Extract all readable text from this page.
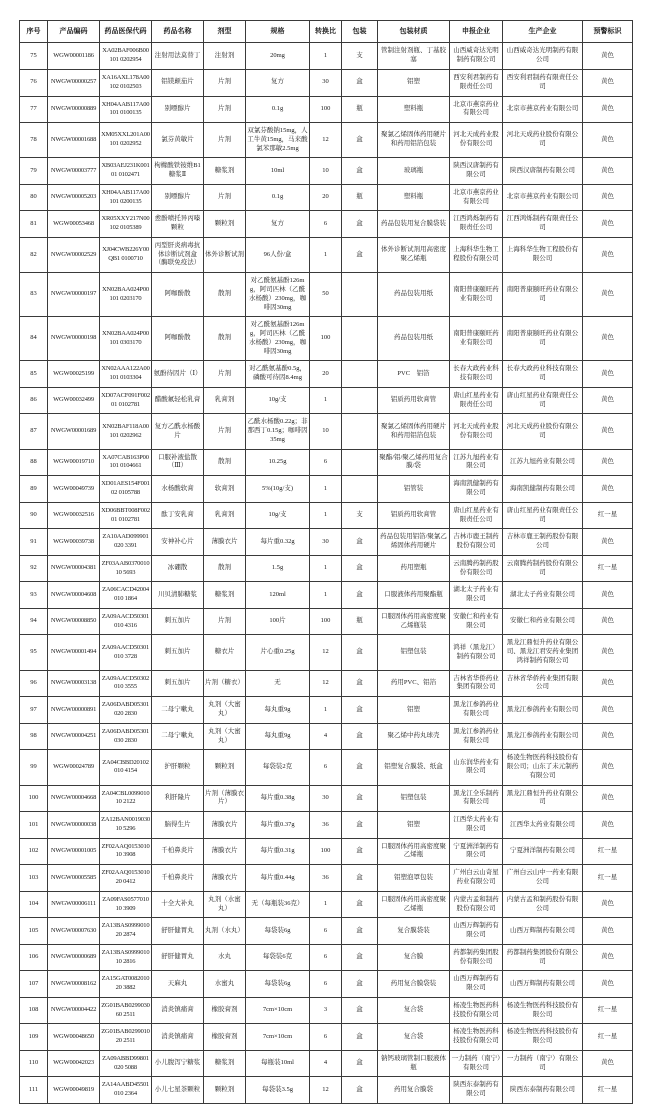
序号	产品编码	药品医保代码	药品名称	剂型	规格	转换比	包装	包装材质	申报企业	生产企业	预警标识
75	WGW00001186	XA02BAF006B00101 0202954	注射用法莫替丁	注射剂	20mg	1	支	管制注射剂瓶、丁基胶塞	山西威奇达光明制药有限公司	山西威奇达光明制药有限公司	黄色
76	NWGW00000257	XA16AXL178A00102 0102503	铝镁颠茄片	片剂	复方	30	盒	铝塑	西安利君制药有限责任公司	西安利君制药有限责任公司	黄色
77	NWGW00000889	XH04AAB117A00101 0100135	别嘌醇片	片剂	0.1g	100	瓶	塑料瓶	北京市燕京药业有限公司	北京市燕京药业有限公司	黄色
78	NWGW00001688	XM05XXL201A00101 0202952	氯芬黄敏片	片剂	双氯芬酸钠15mg，人工牛黄15mg，马来酸氯苯那敏2.5mg	12	盒	聚氯乙烯固体药用硬片和药用铝箔包装	河北天成药业股份有限公司	河北天成药业股份有限公司	黄色
79	NWGW00003777	XB03AEJ231K00101 0102471	枸橼酸铁铵维B1糖浆Ⅱ	糖浆剂	10ml	10	盒	玻璃瓶	陕西汉唐制药有限公司	陕西汉唐制药有限公司	黄色
80	NWGW00005203	XH04AAB117A00101 0200135	别嘌醇片	片剂	0.1g	20	瓶	塑料瓶	北京市燕京药业有限公司	北京市燕京药业有限公司	黄色
81	WGW00053468	XR05XXY217N00102 0105389	愈酚喷托异丙嗪颗粒	颗粒剂	复方	6	盒	药品包装用复合膜袋装	江西鸿烁制药有限责任公司	江西鸿烁制药有限责任公司	黄色
82	NWGW00002529	XJ04CWB226Y00QB1 0100710	丙型肝炎病毒抗体诊断试剂盒（酶联免疫法）	体外诊断试剂	96人份/盒	1	盒	体外诊断试剂用高密度聚乙烯瓶	上海科华生物工程股份有限公司	上海科华生物工程股份有限公司	黄色
83	NWGW00000197	XN02BAA024P00101 0203170	阿咖酚散	散剂	对乙酰氨基酚126mg，阿司匹林（乙酰水杨酸）230mg，咖啡因30mg	50		药品包装用纸	南阳普康颐旺药业有限公司	南阳普康颐旺药业有限公司	黄色
84	NWGW00000198	XN02BAA024P00101 0303170	阿咖酚散	散剂	对乙酰氨基酚126mg，阿司匹林（乙酰水杨酸）230mg，咖啡因30mg	100		药品包装用纸	南阳普康颐旺药业有限公司	南阳普康颐旺药业有限公司	黄色
85	WGW00025199	XN02AAA122A00101 0103304	氨酚待因片（Ⅰ）	片剂	对乙酰氨基酚0.5g，磷酸可待因8.4mg	20		PVC　铝箔	长春大政药业科技有限公司	长春大政药业科技有限公司	黄色
86	WGW00032499	XD07ACF091F00201 0102781	醋酸氟轻松乳膏	乳膏剂	10g/支	1		铝质药用软膏管	唐山红星药业有限责任公司	唐山红星药业有限责任公司	黄色
87	NWGW00001689	XN02BAF118A00101 0202962	复方乙酰水杨酸片	片剂	乙酰水杨酸0.22g；非那西丁0.15g；咖啡因35mg	10		聚氯乙烯固体药用硬片和药用铝箔包装	河北天成药业股份有限公司	河北天成药业股份有限公司	黄色
88	WGW00019710	XA07CAB163P00101 0104661	口服补液盐散（Ⅲ）	散剂	10.25g	6		聚酯/铝/聚乙烯药用复合膜/袋	江苏九旭药业有限公司	江苏九旭药业有限公司	黄色
89	WGW00049739	XD01AES154F00102 0105788	水杨酸软膏	软膏剂	5%(10g/支)	1		铝管装	海南凯健制药有限公司	海南凯健制药有限公司	黄色
90	WGW00032516	XD06BBT008F00201 0102781	酞丁安乳膏	乳膏剂	10g/支	1	支	铝质药用软膏管	唐山红星药业有限责任公司	唐山红星药业有限责任公司	红一星
91	WGW00039738	ZA10AAD099901020 3391	安神补心片	薄膜衣片	每片重0.32g	30	盒	药品包装用铝箔/聚氯乙烯固体药用硬片	吉林市鹿王制药股份有限公司	吉林市鹿王制药股份有限公司	黄色
92	NWGW00004381	ZF03AAB037001010 5693	冰硼散	散剂	1.5g	1	盒	药用塑瓶	云南腾药制药股份有限公司	云南腾药制药股份有限公司	红一星
93	NWGW00004608	ZA06CACD42004010 1864	川贝清肺糖浆	糖浆剂	120ml	1	盒	口服液体药用聚酯瓶	湖北太子药业有限公司	湖北太子药业有限公司	黄色
94	NWGW00008850	ZA09AACD50301010 4316	刺五加片	片剂	100片	100	瓶	口服固体药用高密度聚乙烯瓶装	安徽仁和药业有限公司	安徽仁和药业有限公司	黄色
95	NWGW00001494	ZA09AACD50301010 3728	刺五加片	糖衣片	片心重0.25g	12	盒	铝塑包装	鸿祥（黑龙江）制药有限公司	黑龙江鼎恒升药业有限公司、黑龙江君安药业集团鸿祥制药有限公司	黄色
96	NWGW00003138	ZA09AACD50302010 3555	刺五加片	片剂（糖衣）	无	12	盒	药用PVC、铝箔	吉林省华侨药业集团有限公司	吉林省华侨药业集团有限公司	黄色
97	NWGW00000891	ZA06DABD05301020 2830	二母宁嗽丸	丸剂（大蜜丸）	每丸重9g	1	盒	铝塑	黑龙江参鸽药业有限公司	黑龙江参鸽药业有限公司	黄色
98	NWGW00004251	ZA06DABD05301030 2830	二母宁嗽丸	丸剂（大蜜丸）	每丸重9g	4	盒	聚乙烯中药丸球壳	黑龙江参鸽药业有限公司	黑龙江参鸽药业有限公司	黄色
99	WGW00024789	ZA04CBBD20102010 4154	护肝颗粒	颗粒剂	每袋装2克	6	盒	铝塑复合膜袋、纸盒	山东润华药业有限公司	杨凌生物医药科技股份有限公司；山东了未元制药有限公司	黄色
100	NWGW00004668	ZA04CBL009901010 2122	利肝隆片	片剂（薄膜衣片）	每片重0.38g	30	盒	铝塑包装	黑龙江全乐制药有限公司	黑龙江鼎恒升药业有限公司	黄色
101	NWGW00000038	ZA12BAN001903010 5296	脑得生片	薄膜衣片	每片重0.37g	36	盒	铝塑	江西华太药业有限公司	江西华太药业有限公司	黄色
102	NWGW00001005	ZF02AAQ015301010 3908	千柏鼻炎片	薄膜衣片	每片重0.31g	100	盒	口服固体药用高密度聚乙烯瓶	宁夏洲洋制药有限公司	宁夏洲洋制药有限公司	红一星
103	NWGW00005585	ZF02AAQ015301020 0412	千柏鼻炎片	薄膜衣片	每片重0.44g	36	盒	铝塑泡罩包装	广州白云山奇星药业有限公司	广州白云山中一药业有限公司	红一星
104	NWGW00006111	ZA09FAS057701010 3909	十全大补丸	丸剂（水蜜丸）	无（每瓶装36克）	1	盒	口服固体药用高密度聚乙烯瓶	内蒙古孟和制药股份有限公司	内蒙古孟和制药股份有限公司	黄色
105	NWGW00007630	ZA13BAS099901020 2874	舒肝健胃丸	丸剂（水丸）	每袋装6g	6	盒	复合膜袋装	山西万辉制药有限公司	山西万辉制药有限公司	黄色
106	NWGW00000689	ZA13BAS099901010 2816	舒肝健胃丸	水丸	每袋装6克	6	盒	复合膜	药都制药集团股份有限公司	药都制药集团股份有限公司	黄色
107	NWGW00008162	ZA15GAT008201020 3882	天麻丸	水蜜丸	每袋装6g	6	盒	药用复合膜袋装	山西万辉制药有限公司	山西万辉制药有限公司	黄色
108	NWGW00004422	ZG01BAB029903060 2511	消炎镇痛膏	橡胶膏剂	7cm×10cm	3	盒	复合袋	杨凌生物医药科技股份有限公司	杨凌生物医药科技股份有限公司	红一星
109	WGW00048650	ZG01BAB029901020 2511	消炎镇痛膏	橡胶膏剂	7cm×10cm	6	盒	复合袋	杨凌生物医药科技股份有限公司	杨凌生物医药科技股份有限公司	红一星
110	WGW00042023	ZA09ABBD99801020 5088	小儿腹泻宁糖浆	糖浆剂	每瓶装10ml	4	盒	钠钙玻璃管制口服液体瓶	一力制药（南宁）有限公司	一力制药（南宁）有限公司	黄色
111	WGW00049819	ZA14AABD45501010 2364	小儿七星茶颗粒	颗粒剂	每袋装3.5g	12	盒	药用复合膜袋	陕西东泰制药有限公司	陕西东泰制药有限公司	红一星
